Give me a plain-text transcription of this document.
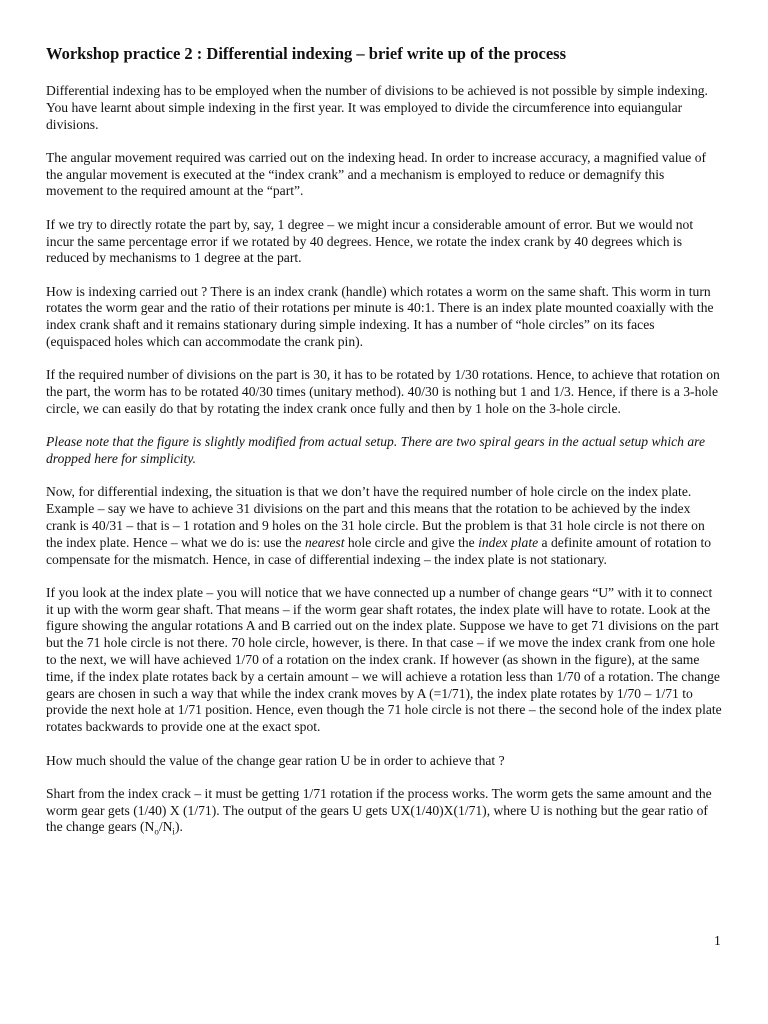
Workshop practice 2 : Differential indexing – brief write up of the process

Differential indexing has to be employed when the number of divisions to be achieved is not possible by simple indexing. You have learnt about simple indexing in the first year. It was employed to divide the circumference into equiangular divisions.

The angular movement required was carried out on the indexing head. In order to increase accuracy, a magnified value of the angular movement is executed at the “index crank” and a mechanism is employed to reduce or demagnify this movement to the required amount at the “part”.

If we try to directly rotate the part by, say, 1 degree – we might incur a considerable amount of error. But we would not incur the same percentage error if we rotated by 40 degrees. Hence, we rotate the index crank by 40 degrees which is reduced by mechanisms to 1 degree at the part.

How is indexing carried out ? There is an index crank (handle) which rotates a worm on the same shaft. This worm in turn rotates the worm gear and the ratio of their rotations per minute is 40:1. There is an index plate mounted coaxially with the index crank shaft and it remains stationary during simple indexing. It has a number of “hole circles” on its faces (equispaced holes which can accommodate the crank pin).

If the required number of divisions on the part is 30, it has to be rotated by 1/30 rotations. Hence, to achieve that rotation on the part, the worm has to be rotated 40/30 times (unitary method). 40/30 is nothing but 1 and 1/3. Hence, if there is a 3-hole circle, we can easily do that by rotating the index crank once fully and then by 1 hole on the 3-hole circle.

Please note that the figure is slightly modified from actual setup. There are two spiral gears in the actual setup which are dropped here for simplicity.

Now, for differential indexing, the situation is that we don’t have the required number of hole circle on the index plate. Example – say we have to achieve 31 divisions on the part and this means that the rotation to be achieved by the index crank is 40/31 – that is – 1 rotation and 9 holes on the 31 hole circle. But the problem is that 31 hole circle is not there on the index plate. Hence – what we do is: use the nearest hole circle and give the index plate a definite amount of rotation to compensate for the mismatch. Hence, in case of differential indexing – the index plate is not stationary.

If you look at the index plate – you will notice that we have connected up a number of change gears “U” with it to connect it up with the worm gear shaft. That means – if the worm gear shaft rotates, the index plate will have to rotate. Look at the figure showing the angular rotations A and B carried out on the index plate. Suppose we have to get 71 divisions on the part but the 71 hole circle is not there. 70 hole circle, however, is there. In that case – if we move the index crank from one hole to the next, we will have achieved 1/70 of a rotation on the index crank. If however (as shown in the figure), at the same time, if the index plate rotates back by a certain amount – we will achieve a rotation less than 1/70 of a rotation. The change gears are chosen in such a way that while the index crank moves by A (=1/71), the index plate rotates by 1/70 – 1/71 to provide the next hole at 1/71 position. Hence, even though the 71 hole circle is not there – the second hole of the index plate rotates backwards to provide one at the exact spot.

How much should the value of the change gear ration U be in order to achieve that ?

Shart from the index crack – it must be getting 1/71 rotation if the process works. The worm gets the same amount and the worm gear gets (1/40) X (1/71). The output of the gears U gets UX(1/40)X(1/71), where U is nothing but the gear ratio of the change gears $(N_o/N_i)$.

1
